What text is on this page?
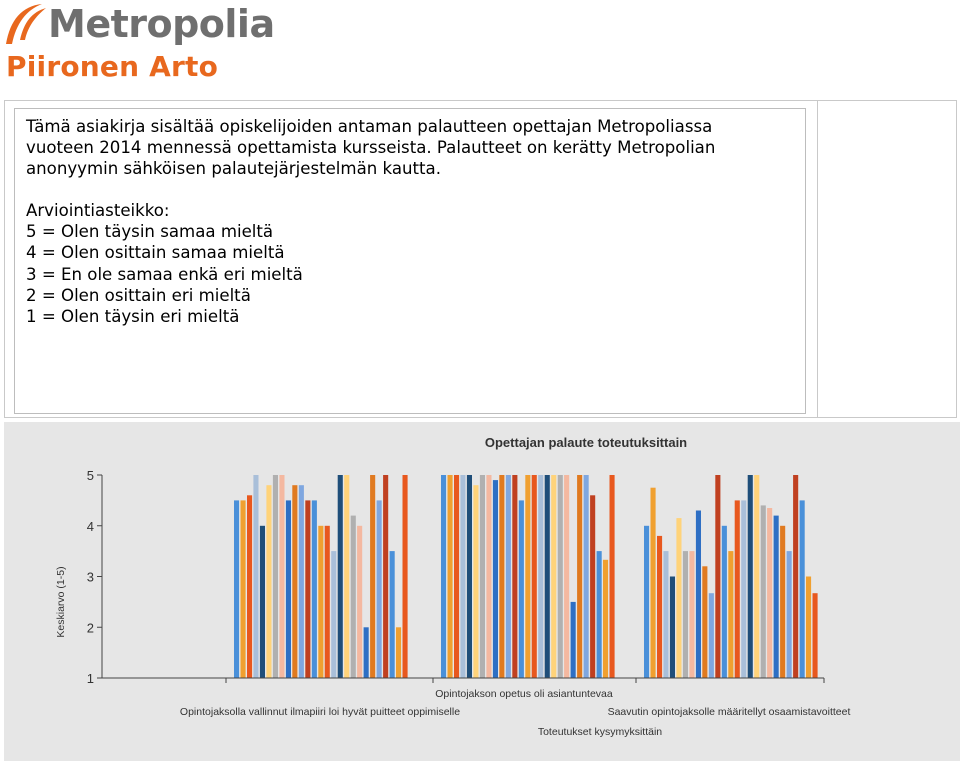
Metropolia
Piironen Arto
Tämä asiakirja sisältää opiskelijoiden antaman palautteen opettajan Metropoliassa
vuoteen 2014 mennessä opettamista kursseista. Palautteet on kerätty Metropolian
anonyymin sähköisen palautejärjestelmän kautta.
Arviointiasteikko:
5 = Olen täysin samaa mieltä
4 = Olen osittain samaa mieltä
3 = En ole samaa enkä eri mieltä
2 = Olen osittain eri mieltä
1 = Olen täysin eri mieltä
Opettajan palaute toteutuksittain
1
2
3
4
5
Opintojaksolla vallinnut ilmapiiri loi hyvät puitteet oppimiselle
Opintojakson opetus oli asiantuntevaa
Saavutin opintojaksolle määritellyt osaamistavoitteet
Toteutukset kysymyksittäin
Keskiarvo (1-5)
